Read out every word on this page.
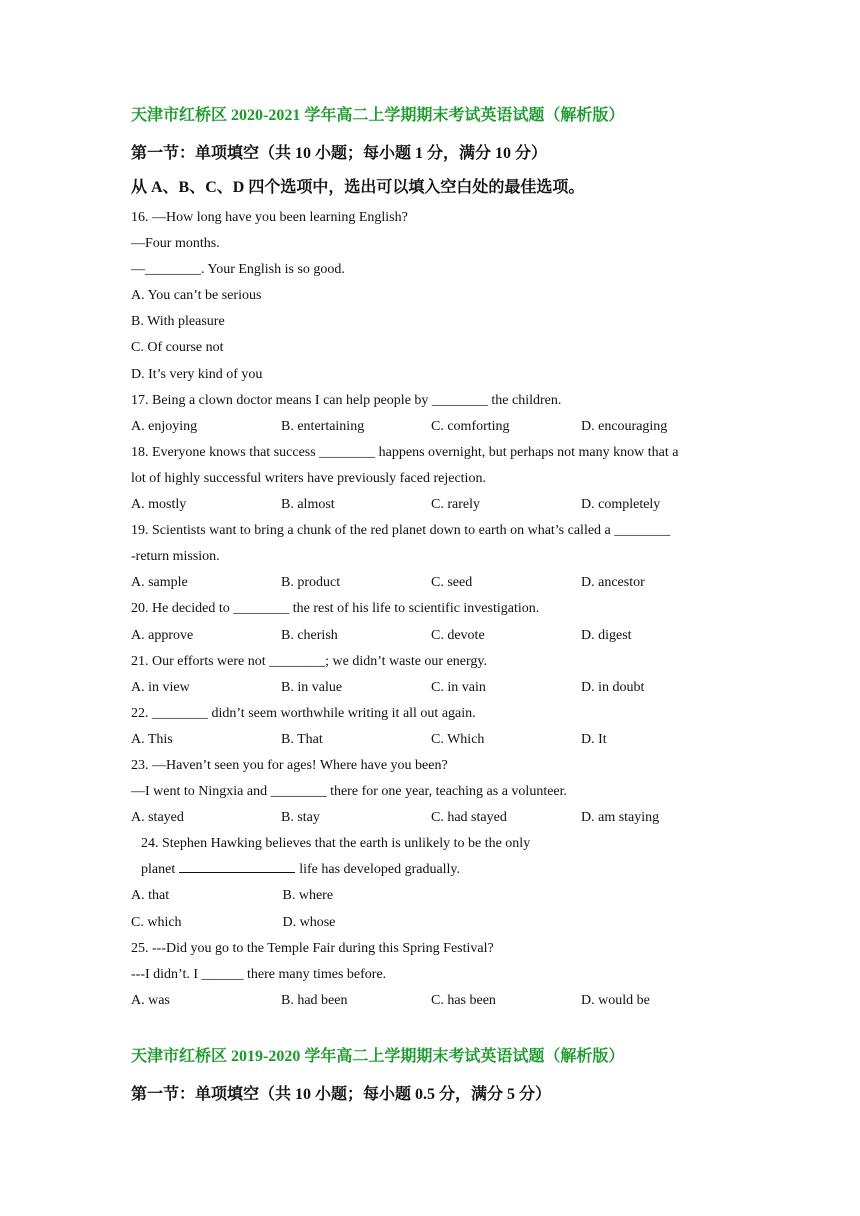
天津市红桥区 2020-2021 学年高二上学期期末考试英语试题（解析版）
第一节：单项填空（共 10 小题；每小题 1 分，满分 10 分）
从 A、B、C、D 四个选项中，选出可以填入空白处的最佳选项。
16. —How long have you been learning English?
—Four months.
—________. Your English is so good.
A. You can’t be serious
B. With pleasure
C. Of course not
D. It’s very kind of you
17. Being a clown doctor means I can help people by ________ the children.
A. enjoying	B. entertaining	C. comforting	D. encouraging
18. Everyone knows that success ________ happens overnight, but perhaps not many know that a
lot of highly successful writers have previously faced rejection.
A. mostly	B. almost	C. rarely	D. completely
19. Scientists want to bring a chunk of the red planet down to earth on what’s called a ________
-return mission.
A. sample	B. product	C. seed	D. ancestor
20. He decided to ________ the rest of his life to scientific investigation.
A. approve	B. cherish	C. devote	D. digest
21. Our efforts were not ________; we didn’t waste our energy.
A. in view	B. in value	C. in vain	D. in doubt
22. ________ didn’t seem worthwhile writing it all out again.
A. This	B. That	C. Which	D. It
23. —Haven’t seen you for ages! Where have you been?
—I went to Ningxia and ________ there for one year, teaching as a volunteer.
A. stayed	B. stay	C. had stayed	D. am staying
24. Stephen Hawking believes that the earth is unlikely to be the only
planet	life has developed gradually.
A. that	B. where
C. which	D. whose
25. ---Did you go to the Temple Fair during this Spring Festival?
---I didn’t. I ______ there many times before.
A. was	B. had been	C. has been	D. would be
天津市红桥区 2019-2020 学年高二上学期期末考试英语试题（解析版）
第一节：单项填空（共 10 小题；每小题 0.5 分，满分 5 分）
